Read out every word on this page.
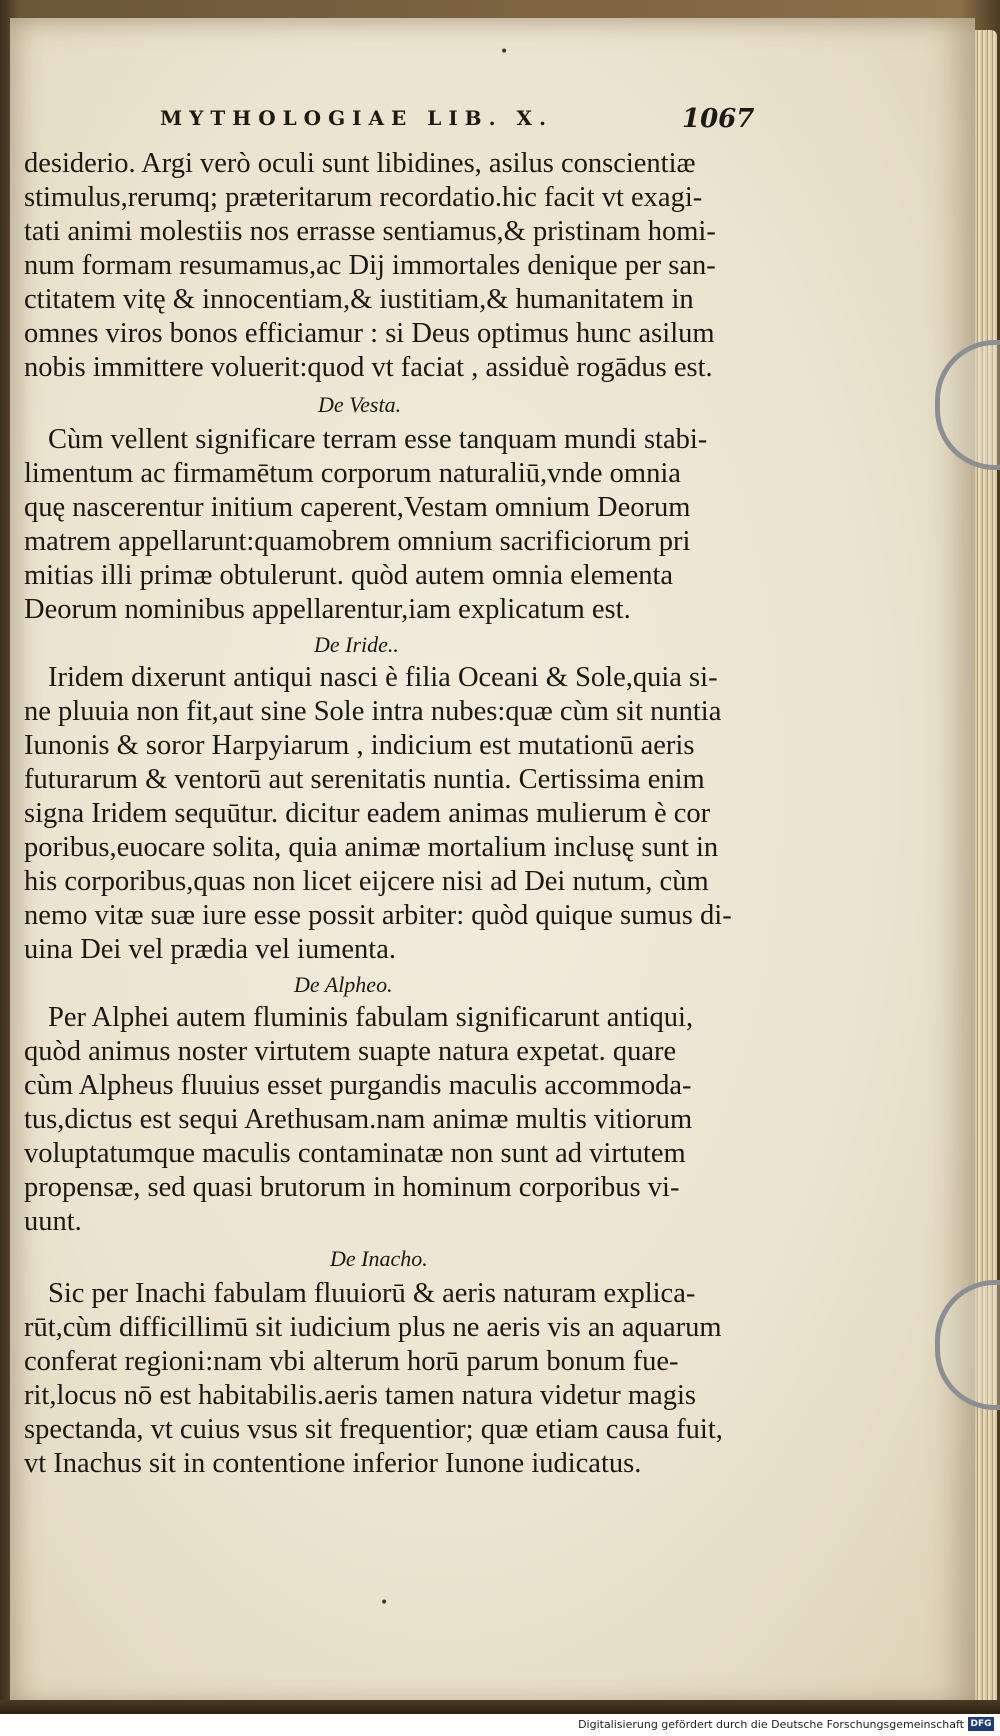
•
•
MYTHOLOGIAE LIB. X.	1067
desiderio. Argi verò oculi sunt libidines, asilus conscientiæ
stimulus,rerumq; præteritarum recordatio.hic facit vt exagi-
tati animi molestiis nos errasse sentiamus,& pristinam homi-
num formam resumamus,ac Dij immortales denique per san-
ctitatem vitę & innocentiam,& iustitiam,& humanitatem in
omnes viros bonos efficiamur : si Deus optimus hunc asilum
nobis immittere voluerit:quod vt faciat , assiduè rogādus est.
De Vesta.
Cùm vellent significare terram esse tanquam mundi stabi-
limentum ac firmamētum corporum naturaliū,vnde omnia
quę nascerentur initium caperent,Vestam omnium Deorum
matrem appellarunt:quamobrem omnium sacrificiorum pri
mitias illi primæ obtulerunt. quòd autem omnia elementa
Deorum nominibus appellarentur,iam explicatum est.
De Iride..
Iridem dixerunt antiqui nasci è filia Oceani & Sole,quia si-
ne pluuia non fit,aut sine Sole intra nubes:quæ cùm sit nuntia
Iunonis & soror Harpyiarum , indicium est mutationū aeris
futurarum & ventorū aut serenitatis nuntia. Certissima enim
signa Iridem sequūtur. dicitur eadem animas mulierum è cor
poribus,euocare solita, quia animæ mortalium inclusę sunt in
his corporibus,quas non licet eijcere nisi ad Dei nutum, cùm
nemo vitæ suæ iure esse possit arbiter: quòd quique sumus di-
uina Dei vel prædia vel iumenta.
De Alpheo.
Per Alphei autem fluminis fabulam significarunt antiqui,
quòd animus noster virtutem suapte natura expetat. quare
cùm Alpheus fluuius esset purgandis maculis accommoda-
tus,dictus est sequi Arethusam.nam animæ multis vitiorum
voluptatumque maculis contaminatæ non sunt ad virtutem
propensæ, sed quasi brutorum in hominum corporibus vi-
uunt.
De Inacho.
Sic per Inachi fabulam fluuiorū & aeris naturam explica-
rūt,cùm difficillimū sit iudicium plus ne aeris vis an aquarum
conferat regioni:nam vbi alterum horū parum bonum fue-
rit,locus nō est habitabilis.aeris tamen natura videtur magis
spectanda, vt cuius vsus sit frequentior; quæ etiam causa fuit,
vt Inachus sit in contentione inferior Iunone iudicatus.
Digitalisierung gefördert durch die Deutsche Forschungsgemeinschaft DFG
